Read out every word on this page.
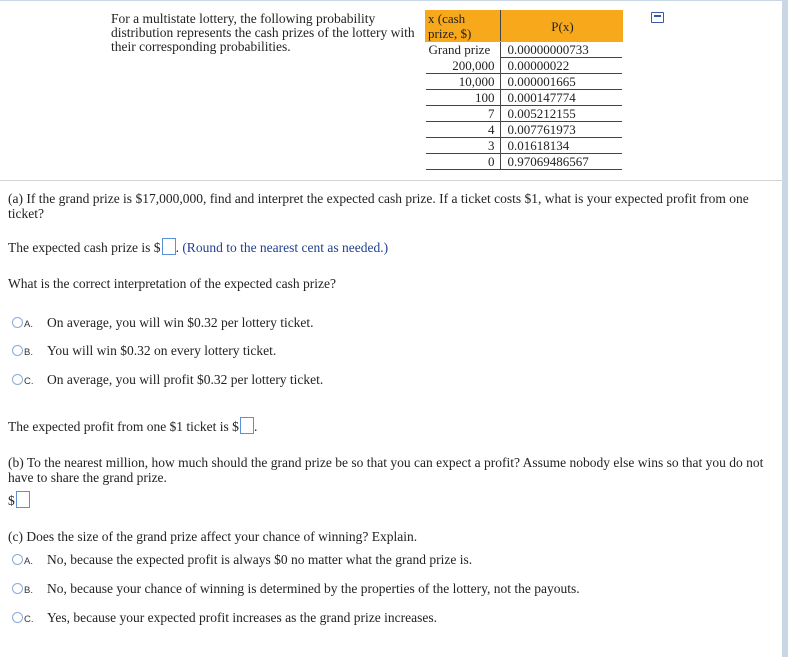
For a multistate lottery, the following probability distribution represents the cash prizes of the lottery with their corresponding probabilities.
x (cash prize, $)	P(x)
Grand prize	0.00000000733
200,000	0.00000022
10,000	0.000001665
100	0.000147774
7	0.005212155
4	0.007761973
3	0.01618134
0	0.97069486567
(a) If the grand prize is $17,000,000, find and interpret the expected cash prize. If a ticket costs $1, what is your expected profit from one ticket?
The expected cash prize is $ . (Round to the nearest cent as needed.)
What is the correct interpretation of the expected cash prize?
A. On average, you will win $0.32 per lottery ticket.
B. You will win $0.32 on every lottery ticket.
C. On average, you will profit $0.32 per lottery ticket.
The expected profit from one $1 ticket is $ .
(b) To the nearest million, how much should the grand prize be so that you can expect a profit? Assume nobody else wins so that you do not have to share the grand prize.
$
(c) Does the size of the grand prize affect your chance of winning? Explain.
A. No, because the expected profit is always $0 no matter what the grand prize is.
B. No, because your chance of winning is determined by the properties of the lottery, not the payouts.
C. Yes, because your expected profit increases as the grand prize increases.
